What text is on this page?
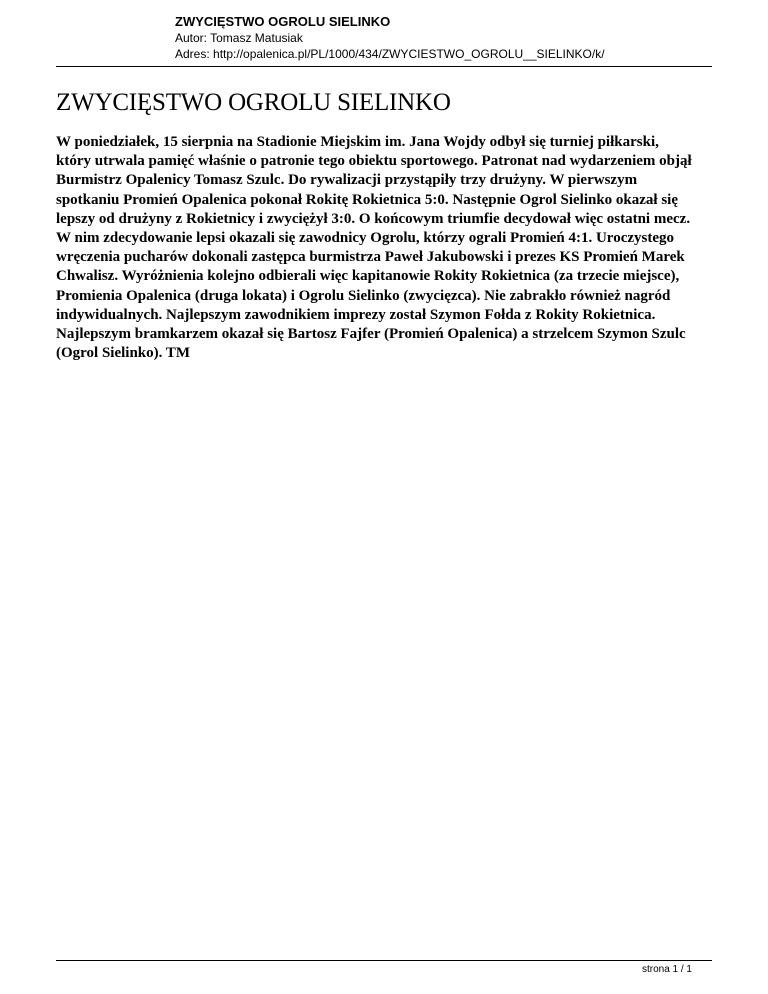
ZWYCIĘSTWO OGROLU SIELINKO

Autor: Tomasz Matusiak

Adres: http://opalenica.pl/PL/1000/434/ZWYCIESTWO_OGROLU__SIELINKO/k/

ZWYCIĘSTWO OGROLU SIELINKO
W poniedziałek, 15 sierpnia na Stadionie Miejskim im. Jana Wojdy odbył się turniej piłkarski,
który utrwala pamięć właśnie o patronie tego obiektu sportowego. Patronat nad wydarzeniem objął
Burmistrz Opalenicy Tomasz Szulc. Do rywalizacji przystąpiły trzy drużyny. W pierwszym
spotkaniu Promień Opalenica pokonał Rokitę Rokietnica 5:0. Następnie Ogrol Sielinko okazał się
lepszy od drużyny z Rokietnicy i zwyciężył 3:0. O końcowym triumfie decydował więc ostatni mecz.
W nim zdecydowanie lepsi okazali się zawodnicy Ogrolu, którzy ograli Promień 4:1. Uroczystego
wręczenia pucharów dokonali zastępca burmistrza Paweł Jakubowski i prezes KS Promień Marek
Chwalisz. Wyróżnienia kolejno odbierali więc kapitanowie Rokity Rokietnica (za trzecie miejsce),
Promienia Opalenica (druga lokata) i Ogrolu Sielinko (zwycięzca). Nie zabrakło również nagród
indywidualnych. Najlepszym zawodnikiem imprezy został Szymon Fołda z Rokity Rokietnica.
Najlepszym bramkarzem okazał się Bartosz Fajfer (Promień Opalenica) a strzelcem Szymon Szulc
(Ogrol Sielinko). TM
strona 1 / 1
